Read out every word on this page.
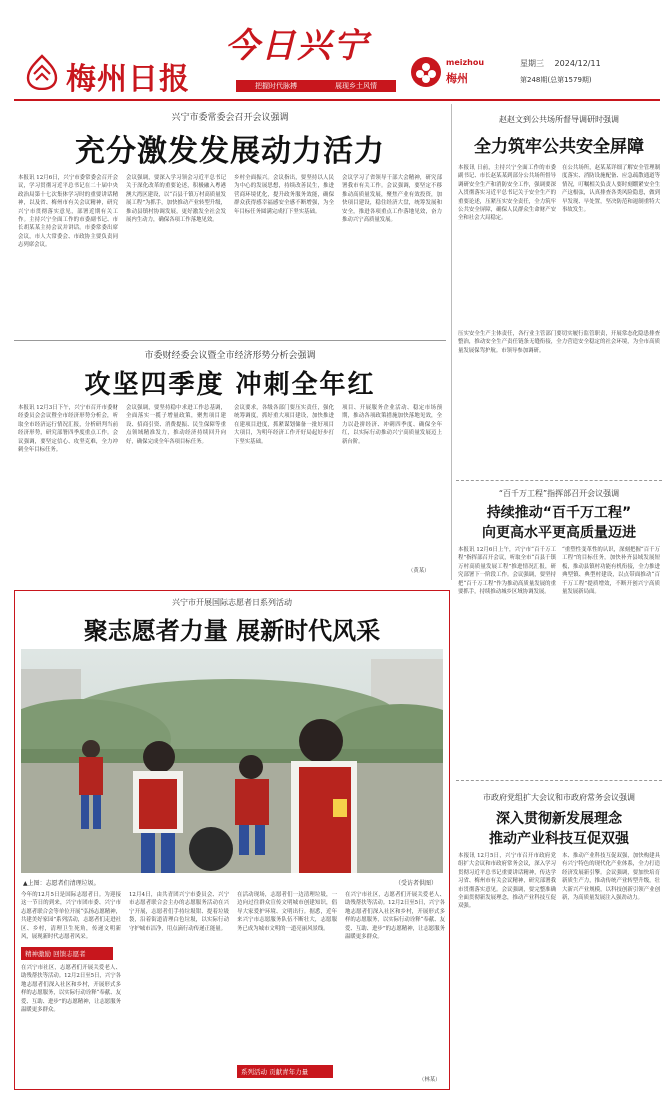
梅州日报
今日兴宁
把握时代脉搏	展现乡土风情
meizhou
梅州
星期三 2024/12/11
第248期(总第1579期)
兴宁市委常委会召开会议强调
充分激发发展动力活力
本报讯 12月6日，兴宁市委常委会召开会议，学习贯彻习近平总书记在二十届中央政治局第十七次集体学习时的重要讲话精神，以及省、梅州市有关会议精神，研究兴宁市贯彻落实意见，部署近期有关工作。主持兴宁全面工作的市委副书记、市长胡某某主持会议并讲话。市委常委出席会议，市人大常委会、市政协主要负责同志列席会议。
会议强调，要深入学习领会习近平总书记关于深化改革的重要论述，积极融入粤港澳大湾区建设，以“百县千镇万村高质量发展工程”为抓手，加快推动产业转型升级，推动县镇村协调发展，更好激发全社会发展内生动力，确保各项工作落地见效。
乡村全面振兴。会议指出，要坚持以人民为中心的发展思想，持续改善民生，推进营商环境优化，提升政务服务效能，确保群众获得感幸福感安全感不断增强，为全年目标任务圆满完成打下坚实基础。
会议学习了省领导干部大会精神，研究部署我市有关工作。会议强调，要坚定不移推动高质量发展，聚焦产业有效投资，加快项目建设，稳住经济大盘，统筹发展和安全，推进各项重点工作落地见效，奋力推动兴宁高质量发展。
赵赵文到公共场所督导调研时强调
全力筑牢公共安全屏障
本报讯 日前，主持兴宁全面工作的市委副书记、市长赵某某到部分公共场所督导调研安全生产和消防安全工作，强调要深入贯彻落实习近平总书记关于安全生产的重要论述，压紧压实安全责任，全力筑牢公共安全屏障，确保人民群众生命财产安全和社会大局稳定。
在公共场所，赵某某详细了解安全管理制度落实、消防设施配备、应急疏散通道等情况，叮嘱相关负责人要时刻绷紧安全生产这根弦，认真排查各类风险隐患，做到早发现、早处置，坚决防范和遏制重特大事故发生。
压实安全生产主体责任，各行业主管部门要切实履行监管职责，开展常态化隐患排查整治，推动安全生产责任链条无缝衔接，全力营造安全稳定的社会环境，为全市高质量发展保驾护航。市领导参加调研。
市委财经委会议暨全市经济形势分析会强调
攻坚四季度 冲刺全年红
本报讯 12月3日下午，兴宁市召开市委财经委员会会议暨全市经济形势分析会，听取全市经济运行情况汇报，分析研判当前经济形势，研究部署四季度重点工作。会议强调，要坚定信心、攻坚克难，全力冲刺全年目标任务。
会议强调，要坚持稳中求进工作总基调，全面落实一揽子增量政策，聚焦项目建设、招商引资、消费提振、民生保障等重点领域精准发力，推动经济持续回升向好，确保完成全年各项目标任务。
会议要求，各级各部门要压实责任，强化统筹调度，抓好重大项目建设，加快推进在建项目进度，抓紧谋划储备一批好项目大项目，为明年经济工作开好局起好步打下坚实基础。
项目、开展服务企业活动、稳定市场预期，推动各项政策措施加快落地见效，全力以赴拼经济、冲刺四季度、确保全年红，以实际行动推动兴宁高质量发展迈上新台阶。
（黄某）
“百千万工程”指挥部召开会议强调
持续推动“百千万工程”
向更高水平更高质量迈进
本报讯 12月6日上午，兴宁市“百千万工程”指挥部召开会议，听取全市“百县千镇万村高质量发展工程”推进情况汇报，研究部署下一阶段工作。会议强调，要坚持把“百千万工程”作为推动高质量发展的重要抓手，持续推动城乡区域协调发展。
“重塑性变革性的认识，深刻把握“百千万工程”的目标任务，加快补齐县域发展短板，推动县镇村功能有机衔接，全力推进典型镇、典型村建设，以点带面推动“百千万工程”提质增效，不断开创兴宁高质量发展新局面。
兴宁市开展国际志愿者日系列活动
聚志愿者力量 展新时代风采
▲上图：志愿者们清理垃圾。	（受访者供图）
今年的12月5日是国际志愿者日。为迎接这一节日的到来，兴宁市团市委、兴宁市志愿者联合会等单位开展“弘扬志愿精神，共建美好家园”系列活动，志愿者们走进社区、乡村，清理卫生死角，传递文明新风，展现新时代志愿者风采。
精神激励 回馈志愿者
在兴宁市社区，志愿者们开展关爱老人、助残帮扶等活动。12月2日至5日，兴宁各地志愿者们深入社区和乡村，开展形式多样的志愿服务，以实际行动诠释“奉献、友爱、互助、进步”的志愿精神，让志愿服务温暖更多群众。
12月4日，由共青团兴宁市委员会、兴宁市志愿者联合会主办的志愿服务活动在兴宁开展，志愿者们手持垃圾钳、提着垃圾袋，沿着街道清理白色垃圾，以实际行动守护城市洁净，用点滴行动传递正能量。
在活动现场，志愿者们一边清理垃圾，一边向过往群众宣传文明城市创建知识，倡导大家爱护环境、文明出行。据悉，近年来兴宁市志愿服务队伍不断壮大，志愿服务已成为城市文明的一道亮丽风景线。
系列活动 贡献青年力量
在兴宁市社区，志愿者们开展关爱老人、助残帮扶等活动。12月2日至5日，兴宁各地志愿者们深入社区和乡村，开展形式多样的志愿服务，以实际行动诠释“奉献、友爱、互助、进步”的志愿精神，让志愿服务温暖更多群众。
（林某）
市政府党组扩大会议和市政府常务会议强调
深入贯彻新发展理念
推动产业科技互促双强
本报讯 12月5日，兴宁市召开市政府党组扩大会议和市政府常务会议，深入学习贯彻习近平总书记重要讲话精神，传达学习省、梅州市有关会议精神，研究部署我市贯彻落实意见。会议强调，要完整准确全面贯彻新发展理念，推动产业科技互促双强。
本、推动产业科技互促双强，加快构建具有兴宁特色的现代化产业体系，全力打造经济发展新引擎。会议强调，要加快培育新质生产力，推动传统产业转型升级，壮大新兴产业规模，以科技创新引领产业创新，为高质量发展注入强劲动力。
